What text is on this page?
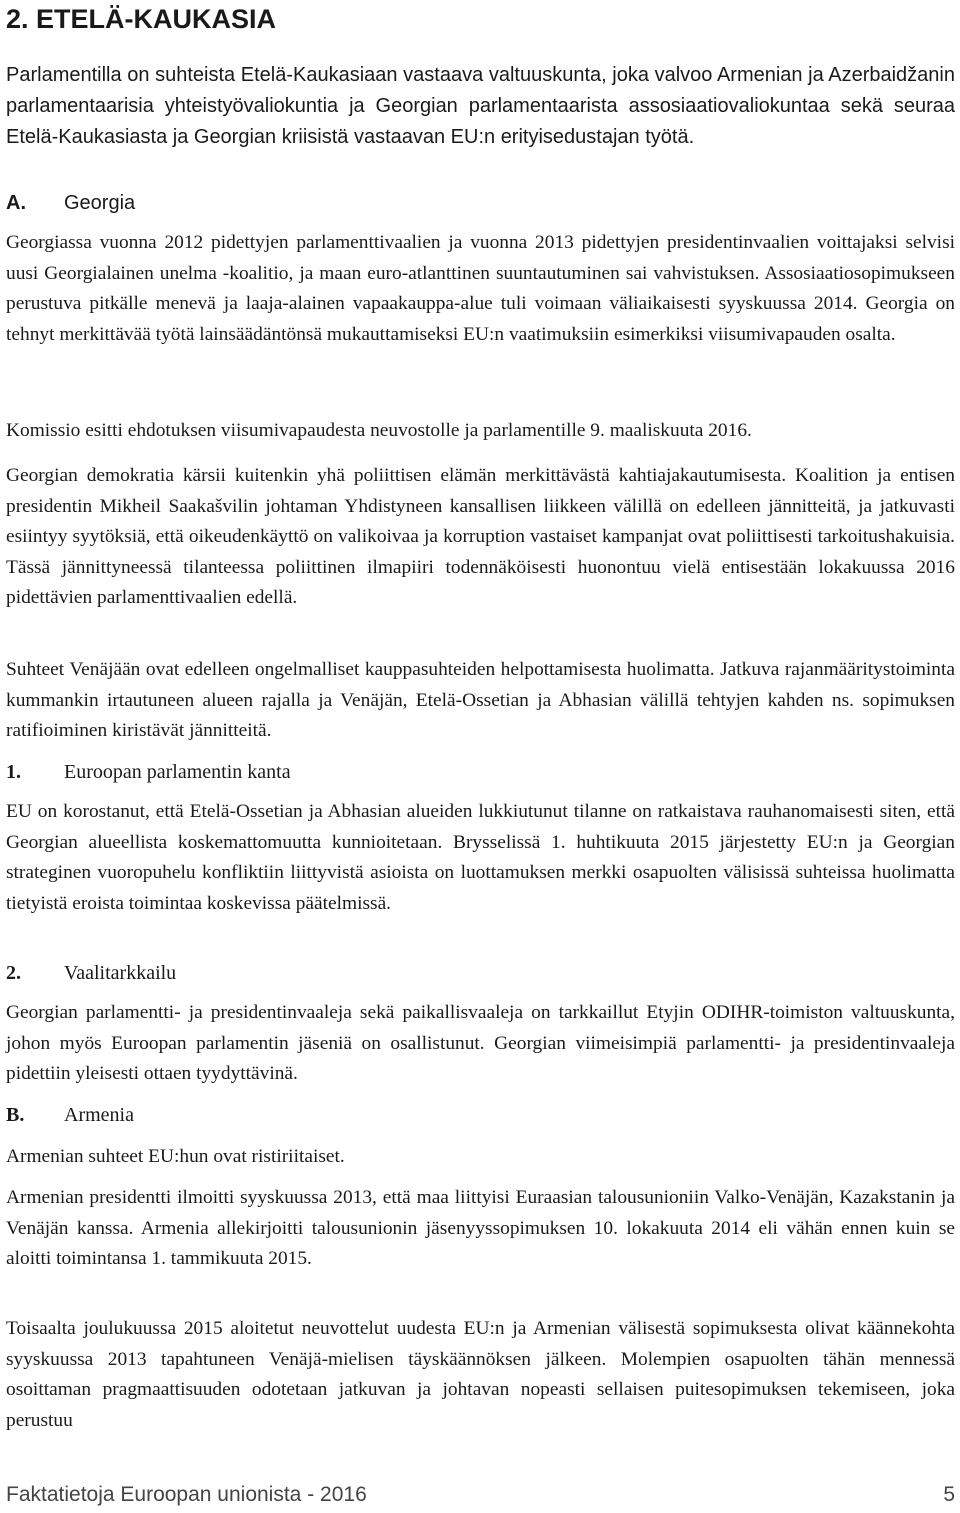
2. ETELÄ-KAUKASIA

Parlamentilla on suhteista Etelä-Kaukasiaan vastaava valtuuskunta, joka valvoo Armenian ja Azerbaidžanin parlamentaarisia yhteistyövaliokuntia ja Georgian parlamentaarista assosiaatiovaliokuntaa sekä seuraa Etelä-Kaukasiasta ja Georgian kriisistä vastaavan EU:n erityisedustajan työtä.

A. Georgia

Georgiassa vuonna 2012 pidettyjen parlamenttivaalien ja vuonna 2013 pidettyjen presidentinvaalien voittajaksi selvisi uusi Georgialainen unelma -koalitio, ja maan euro-atlanttinen suuntautuminen sai vahvistuksen. Assosiaatiosopimukseen perustuva pitkälle menevä ja laaja-alainen vapaakauppa-alue tuli voimaan väliaikaisesti syyskuussa 2014. Georgia on tehnyt merkittävää työtä lainsäädäntönsä mukauttamiseksi EU:n vaatimuksiin esimerkiksi viisumivapauden osalta.

Komissio esitti ehdotuksen viisumivapaudesta neuvostolle ja parlamentille 9. maaliskuuta 2016.

Georgian demokratia kärsii kuitenkin yhä poliittisen elämän merkittävästä kahtiajakautumisesta. Koalition ja entisen presidentin Mikheil Saakašvilin johtaman Yhdistyneen kansallisen liikkeen välillä on edelleen jännitteitä, ja jatkuvasti esiintyy syytöksiä, että oikeudenkäyttö on valikoivaa ja korruption vastaiset kampanjat ovat poliittisesti tarkoitushakuisia. Tässä jännittyneessä tilanteessa poliittinen ilmapiiri todennäköisesti huonontuu vielä entisestään lokakuussa 2016 pidettävien parlamenttivaalien edellä.

Suhteet Venäjään ovat edelleen ongelmalliset kauppasuhteiden helpottamisesta huolimatta. Jatkuva rajanmääritystoiminta kummankin irtautuneen alueen rajalla ja Venäjän, Etelä-Ossetian ja Abhasian välillä tehtyjen kahden ns. sopimuksen ratifioiminen kiristävät jännitteitä.

1. Euroopan parlamentin kanta

EU on korostanut, että Etelä-Ossetian ja Abhasian alueiden lukkiutunut tilanne on ratkaistava rauhanomaisesti siten, että Georgian alueellista koskemattomuutta kunnioitetaan. Brysselissä 1. huhtikuuta 2015 järjestetty EU:n ja Georgian strateginen vuoropuhelu konfliktiin liittyvistä asioista on luottamuksen merkki osapuolten välisissä suhteissa huolimatta tietyistä eroista toimintaa koskevissa päätelmissä.

2. Vaalitarkkailu

Georgian parlamentti- ja presidentinvaaleja sekä paikallisvaaleja on tarkkaillut Etyjin ODIHR-toimiston valtuuskunta, johon myös Euroopan parlamentin jäseniä on osallistunut. Georgian viimeisimpiä parlamentti- ja presidentinvaaleja pidettiin yleisesti ottaen tyydyttävinä.

B. Armenia

Armenian suhteet EU:hun ovat ristiriitaiset.

Armenian presidentti ilmoitti syyskuussa 2013, että maa liittyisi Euraasian talousunioniin Valko-Venäjän, Kazakstanin ja Venäjän kanssa. Armenia allekirjoitti talousunionin jäsenyyssopimuksen 10. lokakuuta 2014 eli vähän ennen kuin se aloitti toimintansa 1. tammikuuta 2015.

Toisaalta joulukuussa 2015 aloitetut neuvottelut uudesta EU:n ja Armenian välisestä sopimuksesta olivat käännekohta syyskuussa 2013 tapahtuneen Venäjä-mielisen täyskäännöksen jälkeen. Molempien osapuolten tähän mennessä osoittaman pragmaattisuuden odotetaan jatkuvan ja johtavan nopeasti sellaisen puitesopimuksen tekemiseen, joka perustuu

Faktatietoja Euroopan unionista - 2016	5
